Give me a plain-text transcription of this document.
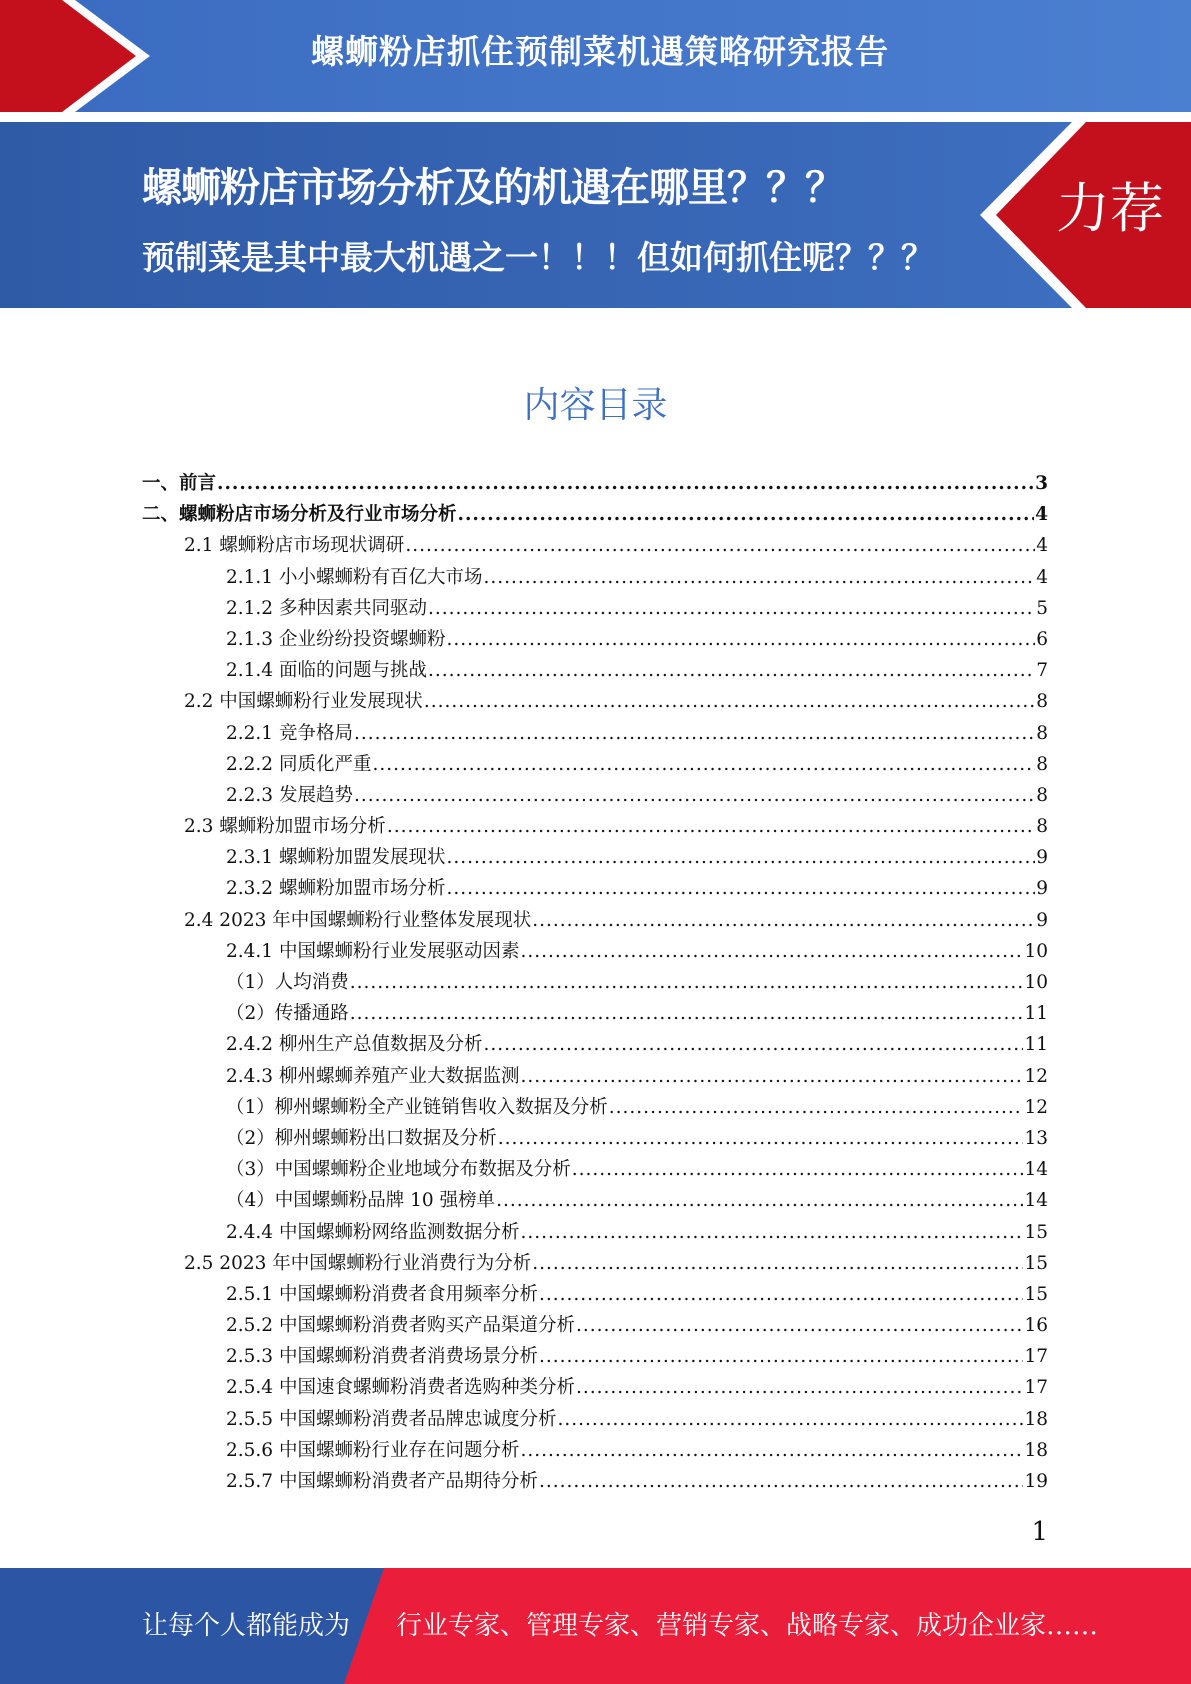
螺蛳粉店抓住预制菜机遇策略研究报告
螺蛳粉店市场分析及的机遇在哪里？？？
预制菜是其中最大机遇之一！！！但如何抓住呢？？？
力荐
内容目录
一、前言 .....	3
二、螺蛳粉店市场分析及行业市场分析 .....	4
2.1 螺蛳粉店市场现状调研 .....	4
2.1.1 小小螺蛳粉有百亿大市场 .....	4
2.1.2 多种因素共同驱动 .....	5
2.1.3 企业纷纷投资螺蛳粉 .....	6
2.1.4 面临的问题与挑战 .....	7
2.2 中国螺蛳粉行业发展现状 .....	8
2.2.1 竞争格局 .....	8
2.2.2 同质化严重 .....	8
2.2.3 发展趋势 .....	8
2.3 螺蛳粉加盟市场分析 .....	8
2.3.1 螺蛳粉加盟发展现状 .....	9
2.3.2 螺蛳粉加盟市场分析 .....	9
2.4 2023 年中国螺蛳粉行业整体发展现状 .....	9
2.4.1 中国螺蛳粉行业发展驱动因素 .....	10
（1）人均消费 .....	10
（2）传播通路 .....	11
2.4.2 柳州生产总值数据及分析 .....	11
2.4.3 柳州螺蛳养殖产业大数据监测 .....	12
（1）柳州螺蛳粉全产业链销售收入数据及分析 .....	12
（2）柳州螺蛳粉出口数据及分析 .....	13
（3）中国螺蛳粉企业地域分布数据及分析 .....	14
（4）中国螺蛳粉品牌 10 强榜单 .....	14
2.4.4 中国螺蛳粉网络监测数据分析 .....	15
2.5 2023 年中国螺蛳粉行业消费行为分析 .....	15
2.5.1 中国螺蛳粉消费者食用频率分析 .....	15
2.5.2 中国螺蛳粉消费者购买产品渠道分析 .....	16
2.5.3 中国螺蛳粉消费者消费场景分析 .....	17
2.5.4 中国速食螺蛳粉消费者选购种类分析 .....	17
2.5.5 中国螺蛳粉消费者品牌忠诚度分析 .....	18
2.5.6 中国螺蛳粉行业存在问题分析 .....	18
2.5.7 中国螺蛳粉消费者产品期待分析 .....	19
1
让每个人都能成为 行业专家、管理专家、营销专家、战略专家、成功企业家……
